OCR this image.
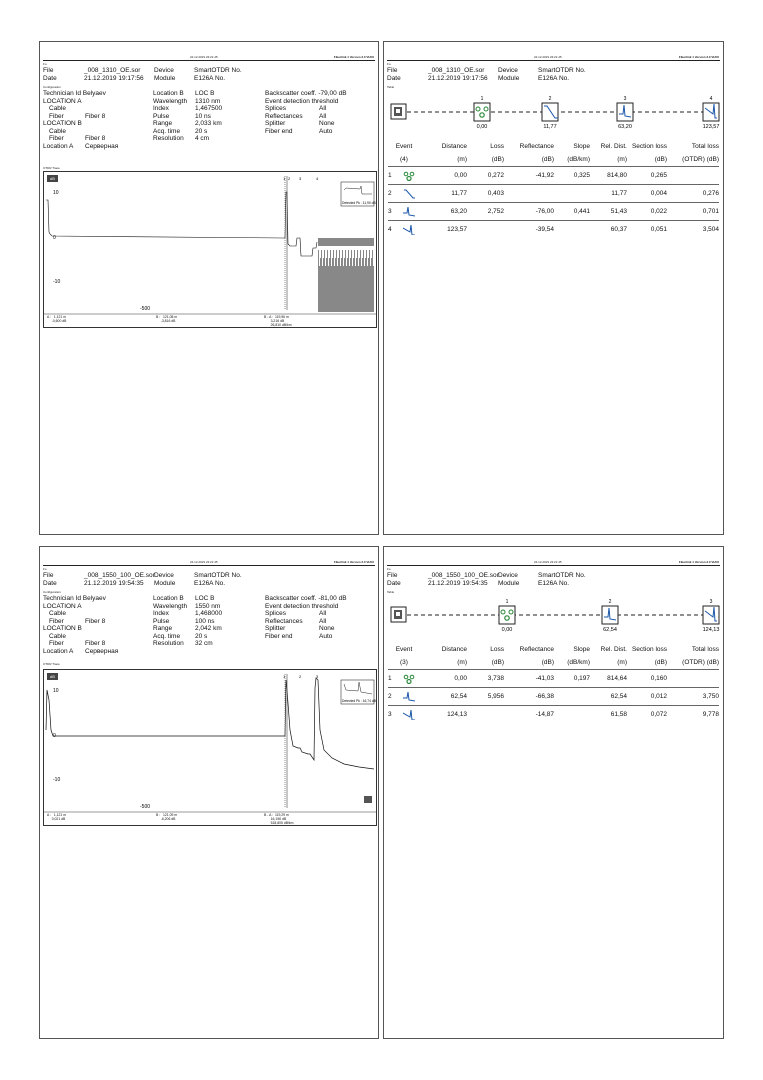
22.12.2019 23:21:45	Fiberlink 1 Version 3.0 VIAVI
Fo.
File	_008_1310_OE.sor	Device	SmartOTDR No.
Date	21.12.2019 19:17:56	Module	E126A No.
Configuration
Technician Id
Belyaev
LOCATION A
Cable
Fiber	Fiber 8
LOCATION B
Cable
Fiber	Fiber 8
Location A	Серверная
Location B	LOC B
Wavelength	1310 nm
Index	1,467500
Pulse	10 ns
Range	2,033 km
Acq. time	20 s
Resolution	4 cm
Backscatter coeff. -79,00 dB
Event detection threshold
Splices	All
Reflectances	All
Splitter	None
Fiber end	Auto
OTDR Trace
dB
10
0
-10
-500
1 2 3	4
Detected Pk : 11,90 dB
A : 1,121 m
-0,600 dB
B : 121,08 m
-3,816 dB
B - A : 119,96 m
3,216 dB
26,810 dB/km
22.12.2019 23:21:45	Fiberlink 1 Version 3.0 VIAVI
Fo.
File	_008_1310_OE.sor	Device	SmartOTDR No.
Date	21.12.2019 19:17:56	Module	E126A No.
Table
1	2	3	4
0,00	11,77	63,20	123,57
Event		Distance	Loss	Reflectance	Slope	Rel. Dist.	Section loss	Total loss
(4)		(m)	(dB)	(dB)	(dB/km)	(m)	(dB)	(OTDR) (dB)
1		0,00	0,272	-41,92	0,325	814,80	0,265	
2		11,77	0,403			11,77	0,004	0,276
3		63,20	2,752	-76,00	0,441	51,43	0,022	0,701
4		123,57		-39,54		60,37	0,051	3,504
22.12.2019 23:21:45	Fiberlink 1 Version 3.0 VIAVI
Fo.
File	_008_1550_100_OE.sor Device	SmartOTDR No.
Date	21.12.2019 19:54:35	Module	E126A No.
Configuration
Technician Id
Belyaev
LOCATION A
Cable
Fiber	Fiber 8
LOCATION B
Cable
Fiber	Fiber 8
Location A	Серверная
Location B	LOC B
Wavelength	1550 nm
Index	1,468000
Pulse	100 ns
Range	2,042 km
Acq. time	20 s
Resolution	32 cm
Backscatter coeff. -81,00 dB
Event detection threshold
Splices	All
Reflectances	All
Splitter	None
Fiber end	Auto
OTDR Trace
dB
10
0
-10
-500
1	2	3
Detected Pk : 16,74 dB
A : 1,121 m
0,021 dB
B : 121,09 m
-6,206 dB
B - A : 119,29 m
16,196 dB
518,805 dB/km
22.12.2019 23:21:45	Fiberlink 1 Version 3.0 VIAVI
Fo.
File	_008_1550_100_OE.sor Device	SmartOTDR No.
Date	21.12.2019 19:54:35	Module	E126A No.
Table
1	2	3
0,00	62,54	124,13
Event		Distance	Loss	Reflectance	Slope	Rel. Dist.	Section loss	Total loss
(3)		(m)	(dB)	(dB)	(dB/km)	(m)	(dB)	(OTDR) (dB)
1		0,00	3,738	-41,03	0,197	814,64	0,160	
2		62,54	5,956	-66,38		62,54	0,012	3,750
3		124,13		-14,87		61,58	0,072	9,778
